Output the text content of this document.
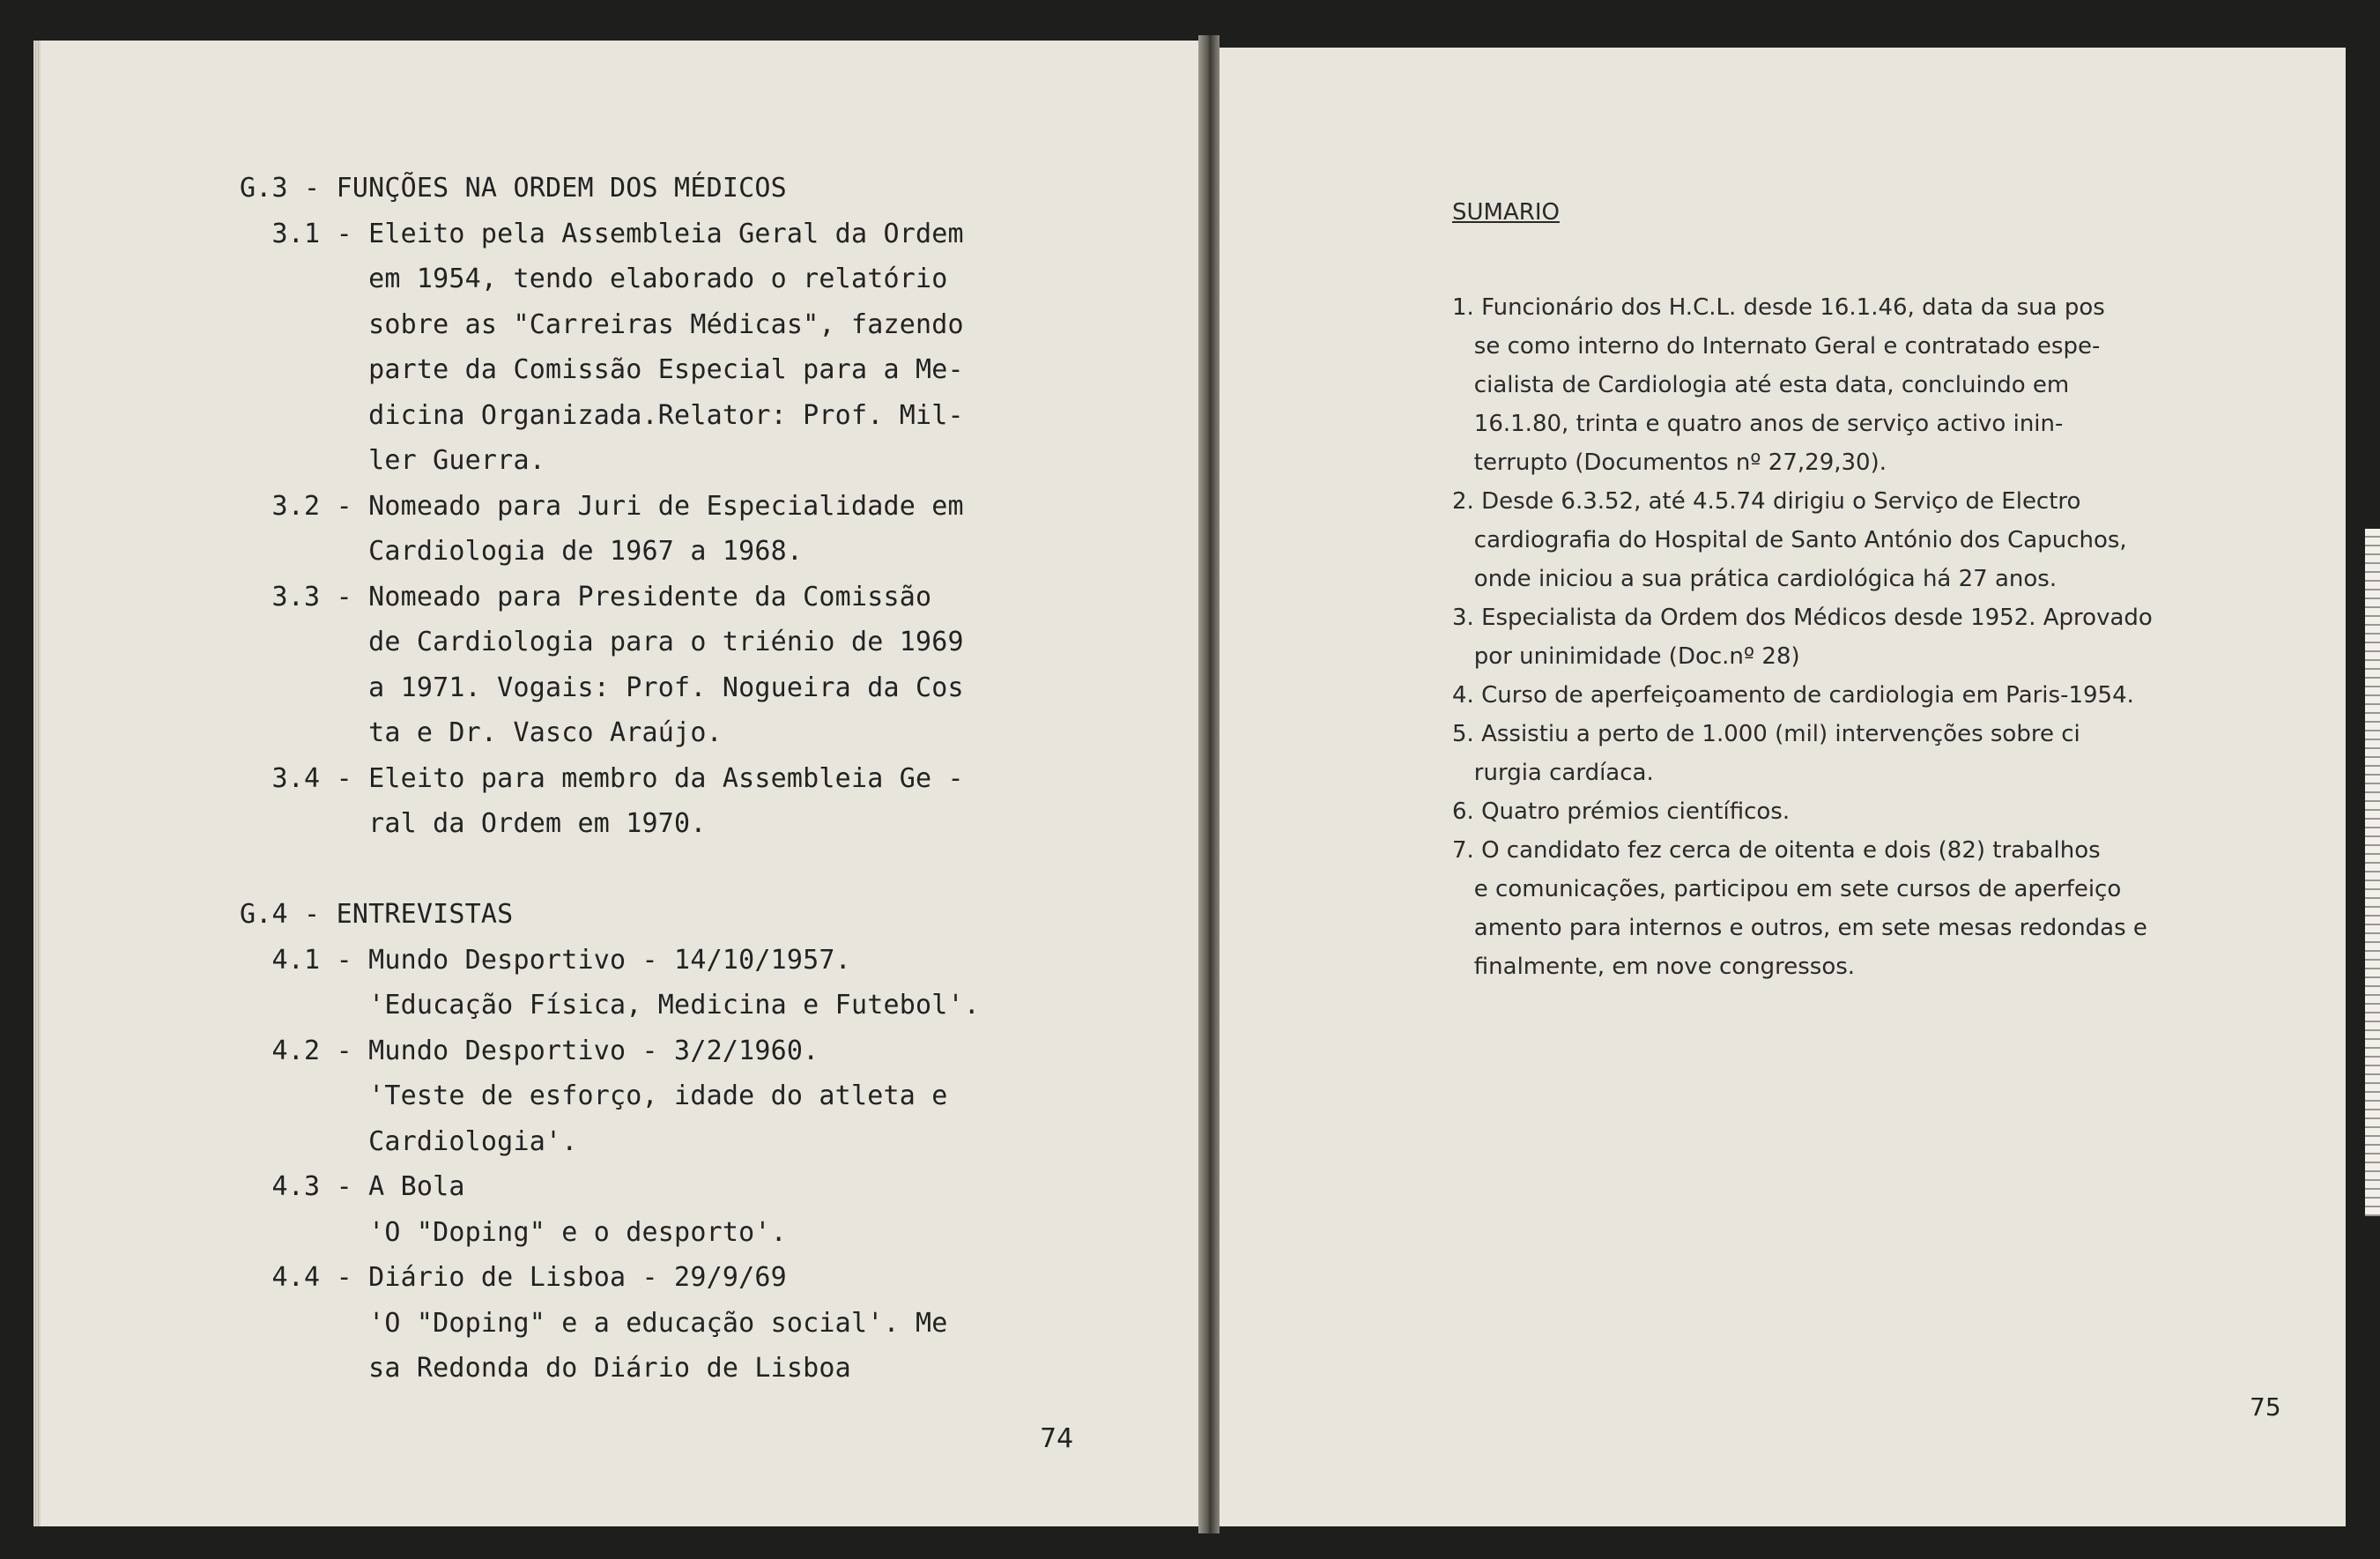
G.3 - FUNÇÕES NA ORDEM DOS MÉDICOS
3.1 - Eleito pela Assembleia Geral da Ordem
em 1954, tendo elaborado o relatório
sobre as "Carreiras Médicas", fazendo
parte da Comissão Especial para a Me-
dicina Organizada.Relator: Prof. Mil-
ler Guerra.
3.2 - Nomeado para Juri de Especialidade em
Cardiologia de 1967 a 1968.
3.3 - Nomeado para Presidente da Comissão
de Cardiologia para o triénio de 1969
a 1971. Vogais: Prof. Nogueira da Cos
ta e Dr. Vasco Araújo.
3.4 - Eleito para membro da Assembleia Ge -
ral da Ordem em 1970.
G.4 - ENTREVISTAS
4.1 - Mundo Desportivo - 14/10/1957.
'Educação Física, Medicina e Futebol'.
4.2 - Mundo Desportivo - 3/2/1960.
'Teste de esforço, idade do atleta e
Cardiologia'.
4.3 - A Bola
'O "Doping" e o desporto'.
4.4 - Diário de Lisboa - 29/9/69
'O "Doping" e a educação social'. Me
sa Redonda do Diário de Lisboa
74
SUMARIO
1. Funcionário dos H.C.L. desde 16.1.46, data da sua pos
se como interno do Internato Geral e contratado espe-
cialista de Cardiologia até esta data, concluindo em
16.1.80, trinta e quatro anos de serviço activo inin-
terrupto (Documentos nº 27,29,30).
2. Desde 6.3.52, até 4.5.74 dirigiu o Serviço de Electro
cardiografia do Hospital de Santo António dos Capuchos,
onde iniciou a sua prática cardiológica há 27 anos.
3. Especialista da Ordem dos Médicos desde 1952. Aprovado
por uninimidade (Doc.nº 28)
4. Curso de aperfeiçoamento de cardiologia em Paris-1954.
5. Assistiu a perto de 1.000 (mil) intervenções sobre ci
rurgia cardíaca.
6. Quatro prémios científicos.
7. O candidato fez cerca de oitenta e dois (82) trabalhos
e comunicações, participou em sete cursos de aperfeiço
amento para internos e outros, em sete mesas redondas e
finalmente, em nove congressos.
75
